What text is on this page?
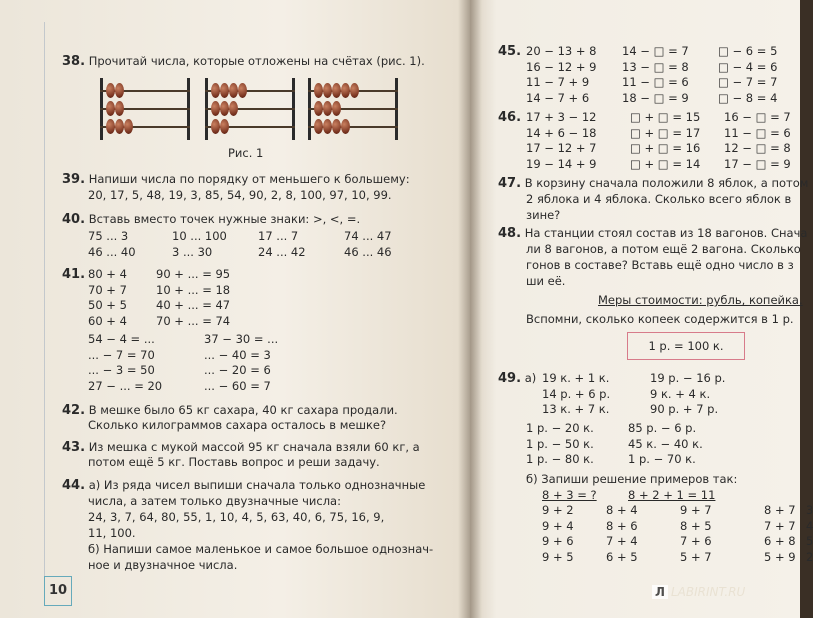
38. Прочитай числа, которые отложены на счётах (рис. 1).
Рис. 1
39. Напиши числа по порядку от меньшего к большему:
20, 17, 5, 48, 19, 3, 85, 54, 90, 2, 8, 100, 97, 10, 99.
40. Вставь вместо точек нужные знаки: >, <, =.
75 ... 3	10 ... 100	17 ... 7	74 ... 47
46 ... 40	3 ... 30	24 ... 42	46 ... 46
41. 80 + 4	90 + ... = 95
70 + 7	10 + ... = 18
50 + 5	40 + ... = 47
60 + 4	70 + ... = 74
54 − 4 = ...	37 − 30 = ...
... − 7 = 70	... − 40 = 3
... − 3 = 50	... − 20 = 6
27 − ... = 20	... − 60 = 7
42. В мешке было 65 кг сахара, 40 кг сахара продали.
Сколько килограммов сахара осталось в мешке?
43. Из мешка с мукой массой 95 кг сначала взяли 60 кг, а
потом ещё 5 кг. Поставь вопрос и реши задачу.
44. а) Из ряда чисел выпиши сначала только однозначные
числа, а затем только двузначные числа:
24, 3, 7, 64, 80, 55, 1, 10, 4, 5, 63, 40, 6, 75, 16, 9,
11, 100.
б) Напиши самое маленькое и самое большое однознач-
ное и двузначное числа.
10
45. 20 − 13 + 8	14 − □ = 7	□ − 6 = 5
16 − 12 + 9	13 − □ = 8	□ − 4 = 6
11 − 7 + 9	11 − □ = 6	□ − 7 = 7
14 − 7 + 6	18 − □ = 9	□ − 8 = 4
46. 17 + 3 − 12	□ + □ = 15	16 − □ = 7
14 + 6 − 18	□ + □ = 17	11 − □ = 6
17 − 12 + 7	□ + □ = 16	12 − □ = 8
19 − 14 + 9	□ + □ = 14	17 − □ = 9
47. В корзину сначала положили 8 яблок, а потом
2 яблока и 4 яблока. Сколько всего яблок в
зине?
48. На станции стоял состав из 18 вагонов. Снача
ли 8 вагонов, а потом ещё 2 вагона. Сколько
гонов в составе? Вставь ещё одно число в з
ши её.
Меры стоимости: рубль, копейка.
Вспомни, сколько копеек содержится в 1 р.
49. а) 19 к. + 1 к.	19 р. − 16 р.
14 р. + 6 р.	9 к. + 4 к.
13 к. + 7 к.	90 р. + 7 р.
1 р. − 20 к.	85 р. − 6 р.
1 р. − 50 к.	45 к. − 40 к.
1 р. − 80 к.	1 р. − 70 к.
б) Запиши решение примеров так:
8 + 3 = ?	8 + 2 + 1 = 11
9 + 2	8 + 4	9 + 7	8 + 7 3
9 + 4	8 + 6	8 + 5	7 + 7 4
9 + 6	7 + 4	7 + 6	6 + 8 5
9 + 5	6 + 5	5 + 7	5 + 9 2
1 р. = 100 к.
Л LABIRINT.RU
